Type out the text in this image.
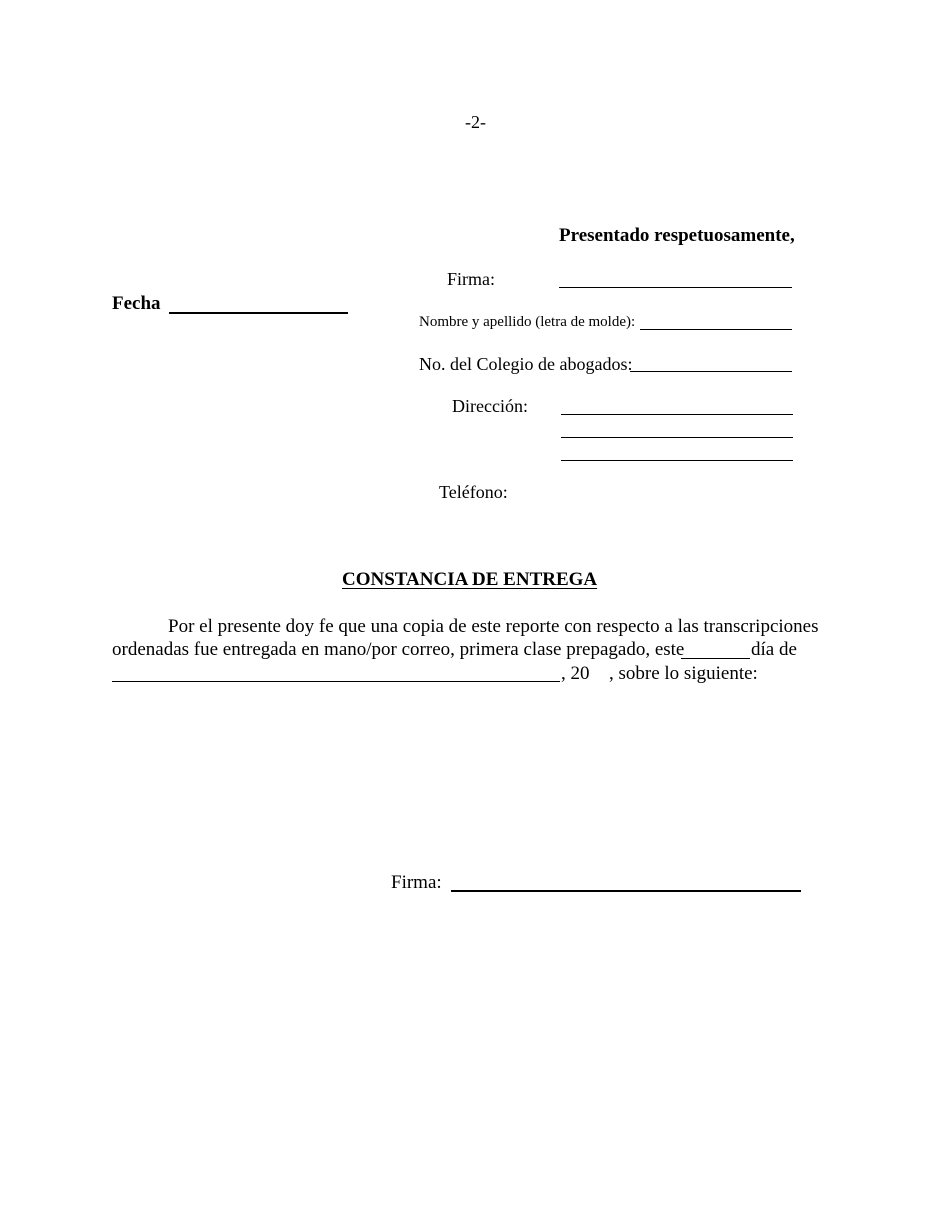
-2-
Presentado respetuosamente,
Fecha
Firma:
Nombre y apellido (letra de molde):
No. del Colegio de abogados:
Dirección:
Teléfono:
CONSTANCIA DE ENTREGA
Por el presente doy fe que una copia de este reporte con respecto a las transcripciones
ordenadas fue entregada en mano/por correo, primera clase prepagado, este	día de
, 20 , sobre lo siguiente:
Firma:
